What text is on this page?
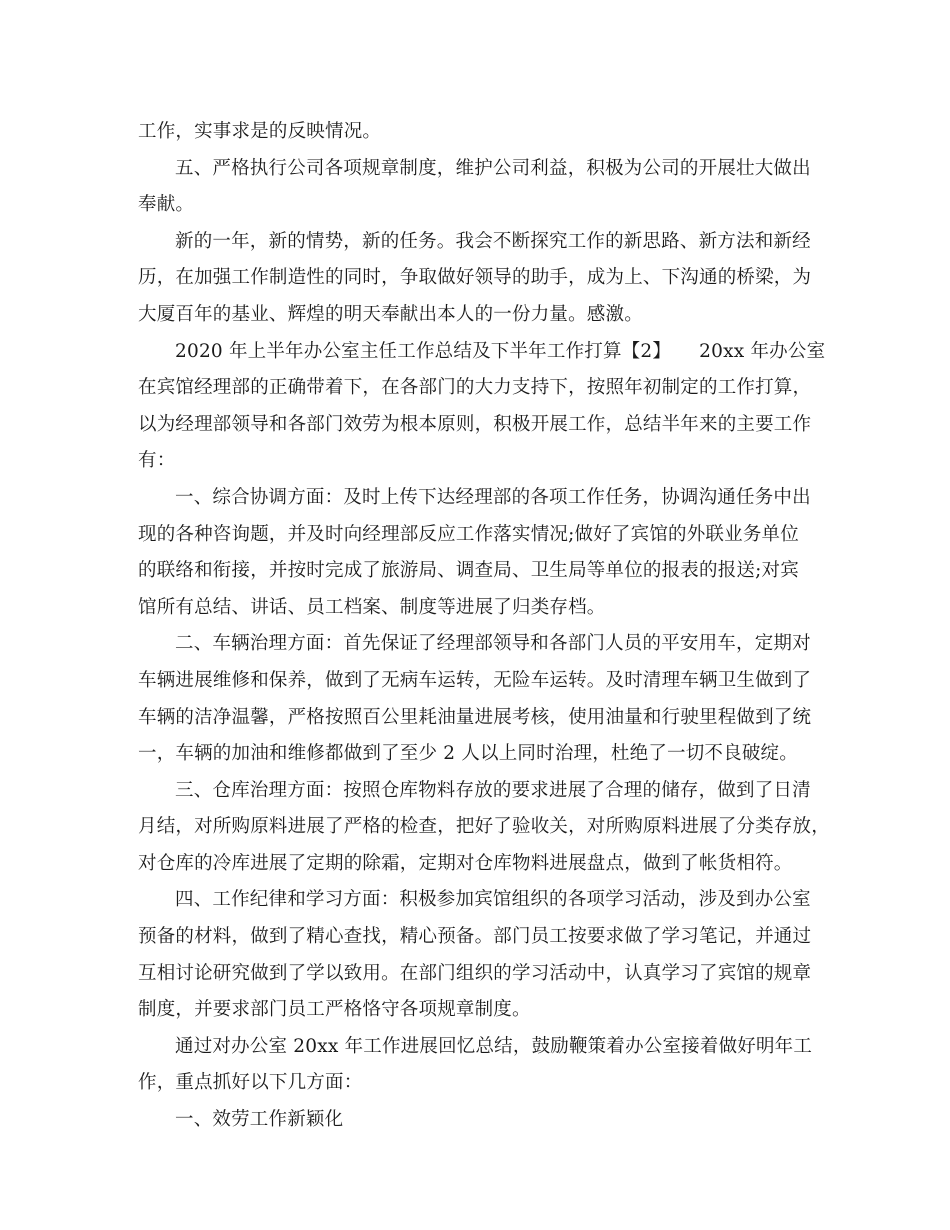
工作，实事求是的反映情况。
五、严格执行公司各项规章制度，维护公司利益，积极为公司的开展壮大做出
奉献。
新的一年，新的情势，新的任务。我会不断探究工作的新思路、新方法和新经
历，在加强工作制造性的同时，争取做好领导的助手，成为上、下沟通的桥梁，为
大厦百年的基业、辉煌的明天奉献出本人的一份力量。感激。
2020 年上半年办公室主任工作总结及下半年工作打算【2】　　20xx 年办公室
在宾馆经理部的正确带着下，在各部门的大力支持下，按照年初制定的工作打算，
以为经理部领导和各部门效劳为根本原则，积极开展工作，总结半年来的主要工作
有：
一、综合协调方面：及时上传下达经理部的各项工作任务，协调沟通任务中出
现的各种咨询题，并及时向经理部反应工作落实情况;做好了宾馆的外联业务单位
的联络和衔接，并按时完成了旅游局、调查局、卫生局等单位的报表的报送;对宾
馆所有总结、讲话、员工档案、制度等进展了归类存档。
二、车辆治理方面：首先保证了经理部领导和各部门人员的平安用车，定期对
车辆进展维修和保养，做到了无病车运转，无险车运转。及时清理车辆卫生做到了
车辆的洁净温馨，严格按照百公里耗油量进展考核，使用油量和行驶里程做到了统
一，车辆的加油和维修都做到了至少 2 人以上同时治理，杜绝了一切不良破绽。
三、仓库治理方面：按照仓库物料存放的要求进展了合理的储存，做到了日清
月结，对所购原料进展了严格的检查，把好了验收关，对所购原料进展了分类存放，
对仓库的冷库进展了定期的除霜，定期对仓库物料进展盘点，做到了帐货相符。
四、工作纪律和学习方面：积极参加宾馆组织的各项学习活动，涉及到办公室
预备的材料，做到了精心查找，精心预备。部门员工按要求做了学习笔记，并通过
互相讨论研究做到了学以致用。在部门组织的学习活动中，认真学习了宾馆的规章
制度，并要求部门员工严格恪守各项规章制度。
通过对办公室 20xx 年工作进展回忆总结，鼓励鞭策着办公室接着做好明年工
作，重点抓好以下几方面：
一、效劳工作新颖化
